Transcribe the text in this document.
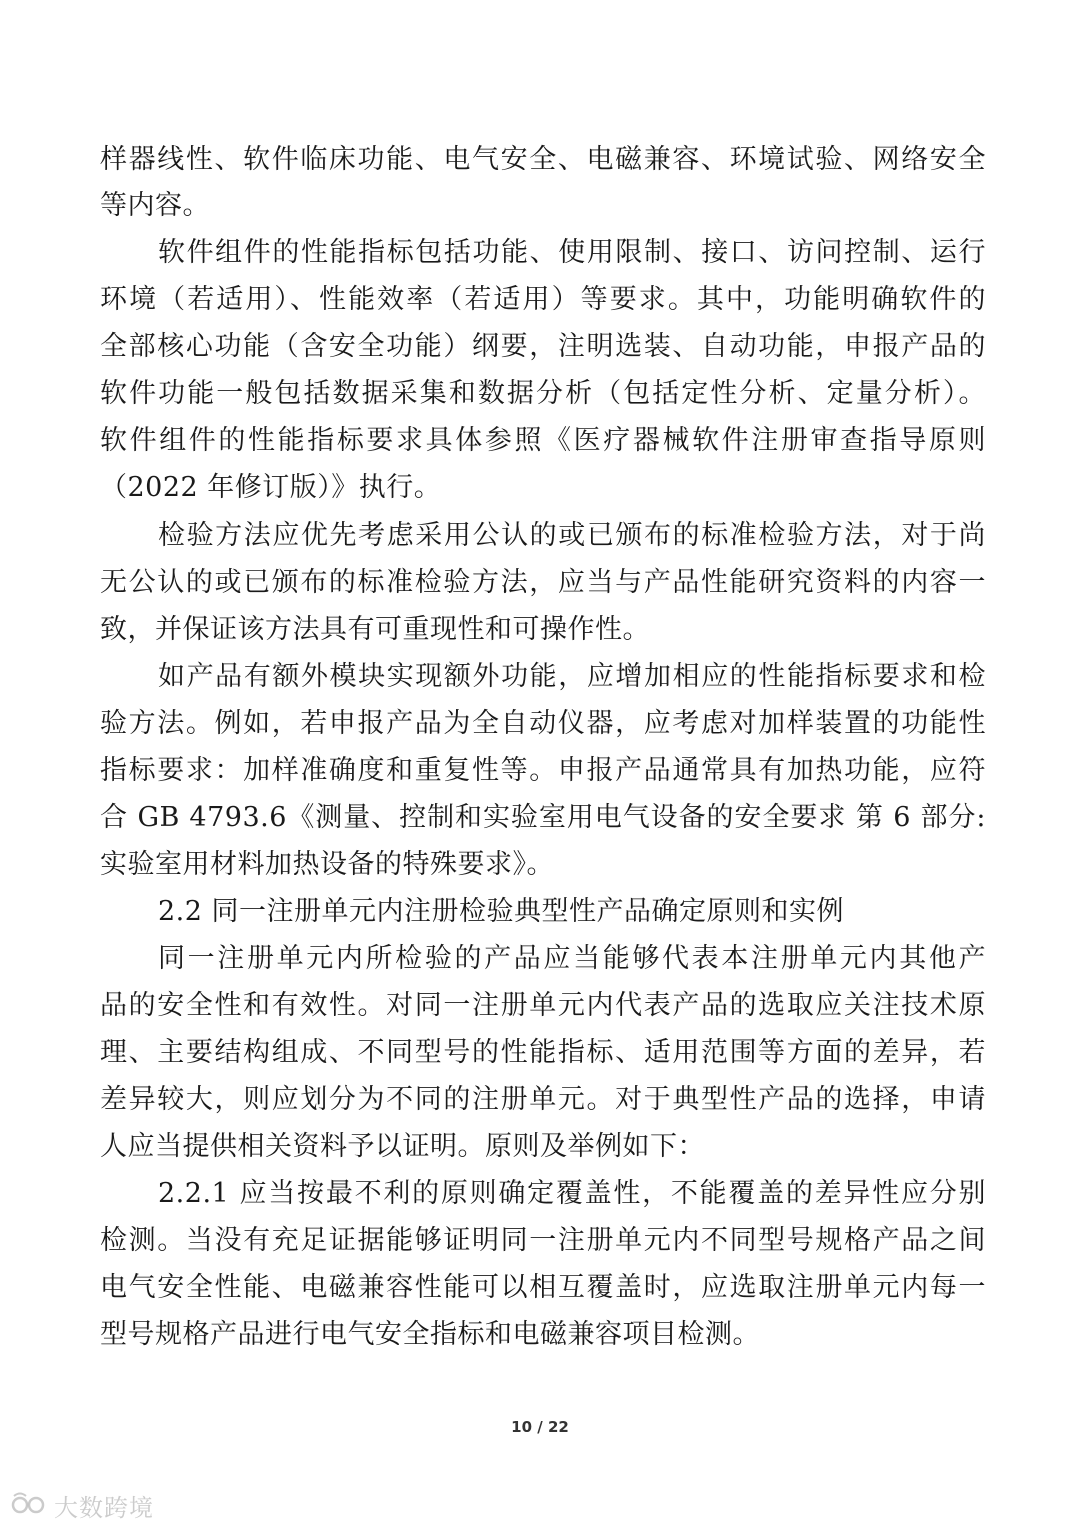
样器线性、软件临床功能、电气安全、电磁兼容、环境试验、网络安全
等内容。
软件组件的性能指标包括功能、使用限制、接口、访问控制、运行
环境（若适用）、性能效率（若适用）等要求。其中，功能明确软件的
全部核心功能（含安全功能）纲要，注明选装、自动功能，申报产品的
软件功能一般包括数据采集和数据分析（包括定性分析、定量分析）。
软件组件的性能指标要求具体参照《医疗器械软件注册审查指导原则
（2022 年修订版）》执行。
检验方法应优先考虑采用公认的或已颁布的标准检验方法，对于尚
无公认的或已颁布的标准检验方法，应当与产品性能研究资料的内容一
致，并保证该方法具有可重现性和可操作性。
如产品有额外模块实现额外功能，应增加相应的性能指标要求和检
验方法。例如，若申报产品为全自动仪器，应考虑对加样装置的功能性
指标要求：加样准确度和重复性等。申报产品通常具有加热功能，应符
合 GB 4793.6《测量、控制和实验室用电气设备的安全要求 第 6 部分:
实验室用材料加热设备的特殊要求》。
2.2 同一注册单元内注册检验典型性产品确定原则和实例
同一注册单元内所检验的产品应当能够代表本注册单元内其他产
品的安全性和有效性。对同一注册单元内代表产品的选取应关注技术原
理、主要结构组成、不同型号的性能指标、适用范围等方面的差异，若
差异较大，则应划分为不同的注册单元。对于典型性产品的选择，申请
人应当提供相关资料予以证明。原则及举例如下：
2.2.1 应当按最不利的原则确定覆盖性，不能覆盖的差异性应分别
检测。当没有充足证据能够证明同一注册单元内不同型号规格产品之间
电气安全性能、电磁兼容性能可以相互覆盖时，应选取注册单元内每一
型号规格产品进行电气安全指标和电磁兼容项目检测。
10 / 22
大数跨境
